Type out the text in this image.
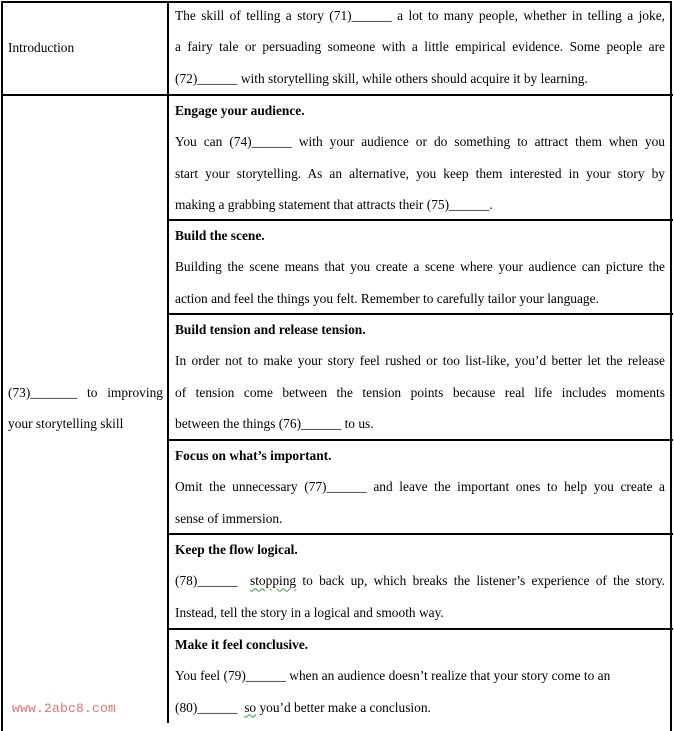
Introduction
The skill of telling a story (71)______ a lot to many people, whether in telling a joke,
a fairy tale or persuading someone with a little empirical evidence. Some people are
(72)______ with storytelling skill, while others should acquire it by learning.
(73)_______ to improving
your storytelling skill
Engage your audience.
You can (74)______ with your audience or do something to attract them when you
start your storytelling. As an alternative, you keep them interested in your story by
making a grabbing statement that attracts their (75)______.
Build the scene.
Building the scene means that you create a scene where your audience can picture the
action and feel the things you felt. Remember to carefully tailor your language.
Build tension and release tension.
In order not to make your story feel rushed or too list-like, you’d better let the release
of tension come between the tension points because real life includes moments
between the things (76)______ to us.
Focus on what’s important.
Omit the unnecessary (77)______ and leave the important ones to help you create a
sense of immersion.
Keep the flow logical.
(78)______  stopping to back up, which breaks the listener’s experience of the story.
Instead, tell the story in a logical and smooth way.
Make it feel conclusive.
You feel (79)______ when an audience doesn’t realize that your story come to an
(80)______  so you’d better make a conclusion.
www.2abc8.com
